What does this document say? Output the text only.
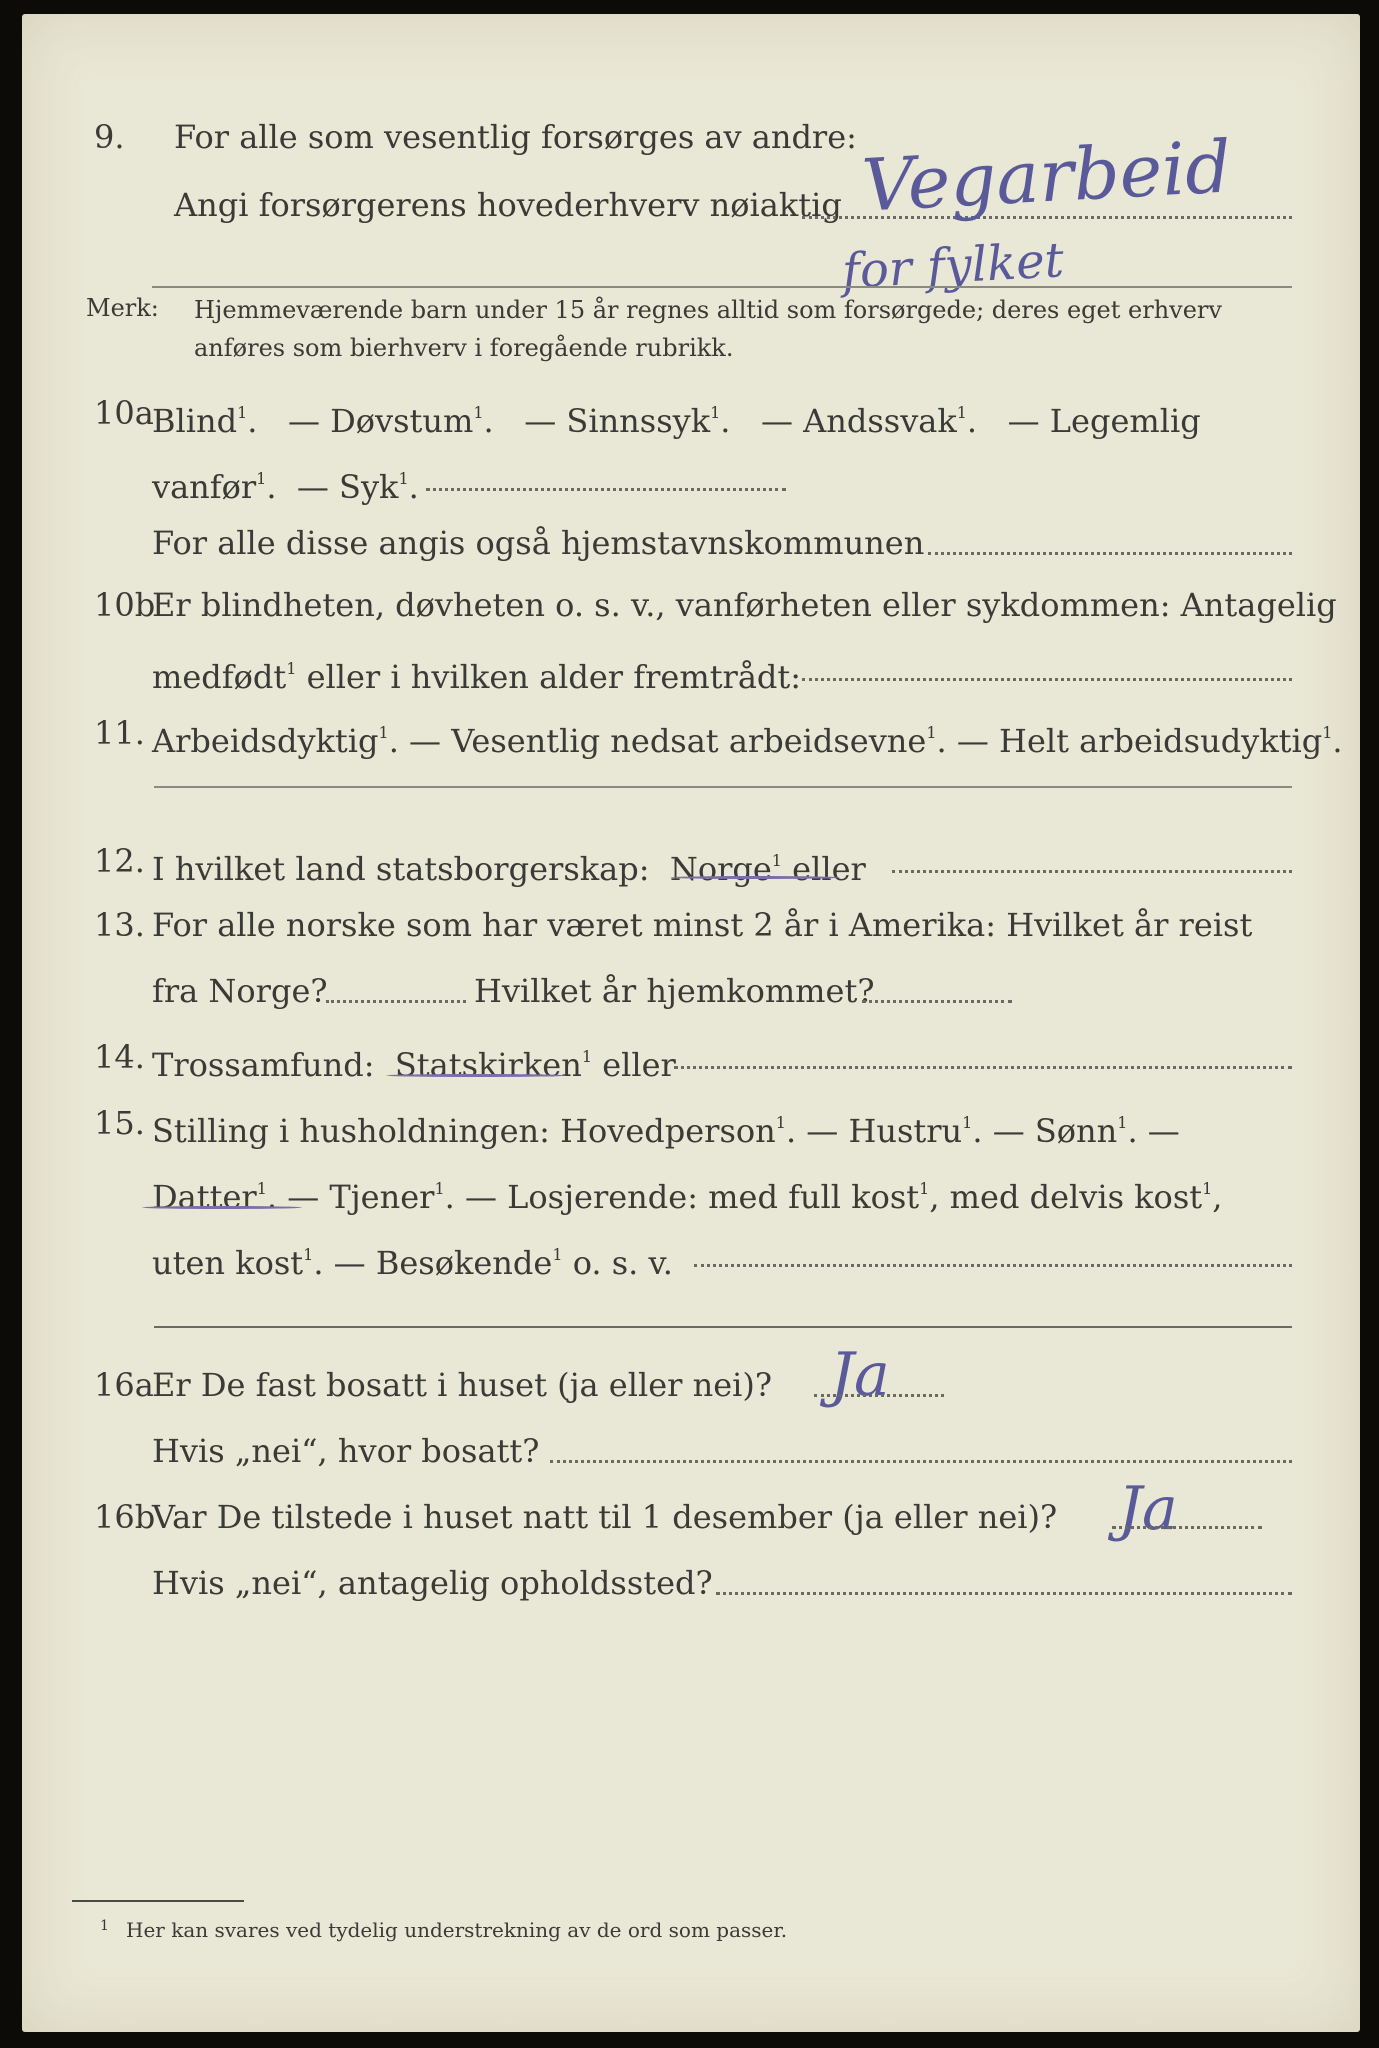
9. For alle som vesentlig forsørges av andre:
Angi forsørgerens hovederhverv nøiaktig Vegarbeid
for fylket
Merk: Hjemmeværende barn under 15 år regnes alltid som forsørgede; deres eget erhverv
anføres som bierhverv i foregående rubrikk.
10a
Blind$^1$.   — Døvstum$^1$.   — Sinnssyk$^1$.   — Andssvak$^1$.   — Legemlig
vanfør$^1$.  — Syk$^1$.
For alle disse angis også hjemstavnskommunen
10b
Er blindheten, døvheten o. s. v., vanførheten eller sykdommen: Antagelig
medfødt$^1$ eller i hvilken alder fremtrådt:
11. Arbeidsdyktig$^1$. — Vesentlig nedsat arbeidsevne$^1$. — Helt arbeidsudyktig$^1$.
12. I hvilket land statsborgerskap: Norge$^1$ eller
13. For alle norske som har været minst 2 år i Amerika: Hvilket år reist
fra Norge?	Hvilket år hjemkommet?
14. Trossamfund: Statskirken$^1$ eller
15. Stilling i husholdningen: Hovedperson$^1$. — Hustru$^1$. — Sønn$^1$. —
Datter$^1$. — Tjener$^1$. — Losjerende: med full kost$^1$, med delvis kost$^1$,
uten kost$^1$. — Besøkende$^1$ o. s. v.
16a
Er De fast bosatt i huset (ja eller nei)? Ja
Hvis „nei“, hvor bosatt?
16b
Var De tilstede i huset natt til 1 desember (ja eller nei)? Ja
Hvis „nei“, antagelig opholdssted?
1 Her kan svares ved tydelig understrekning av de ord som passer.
